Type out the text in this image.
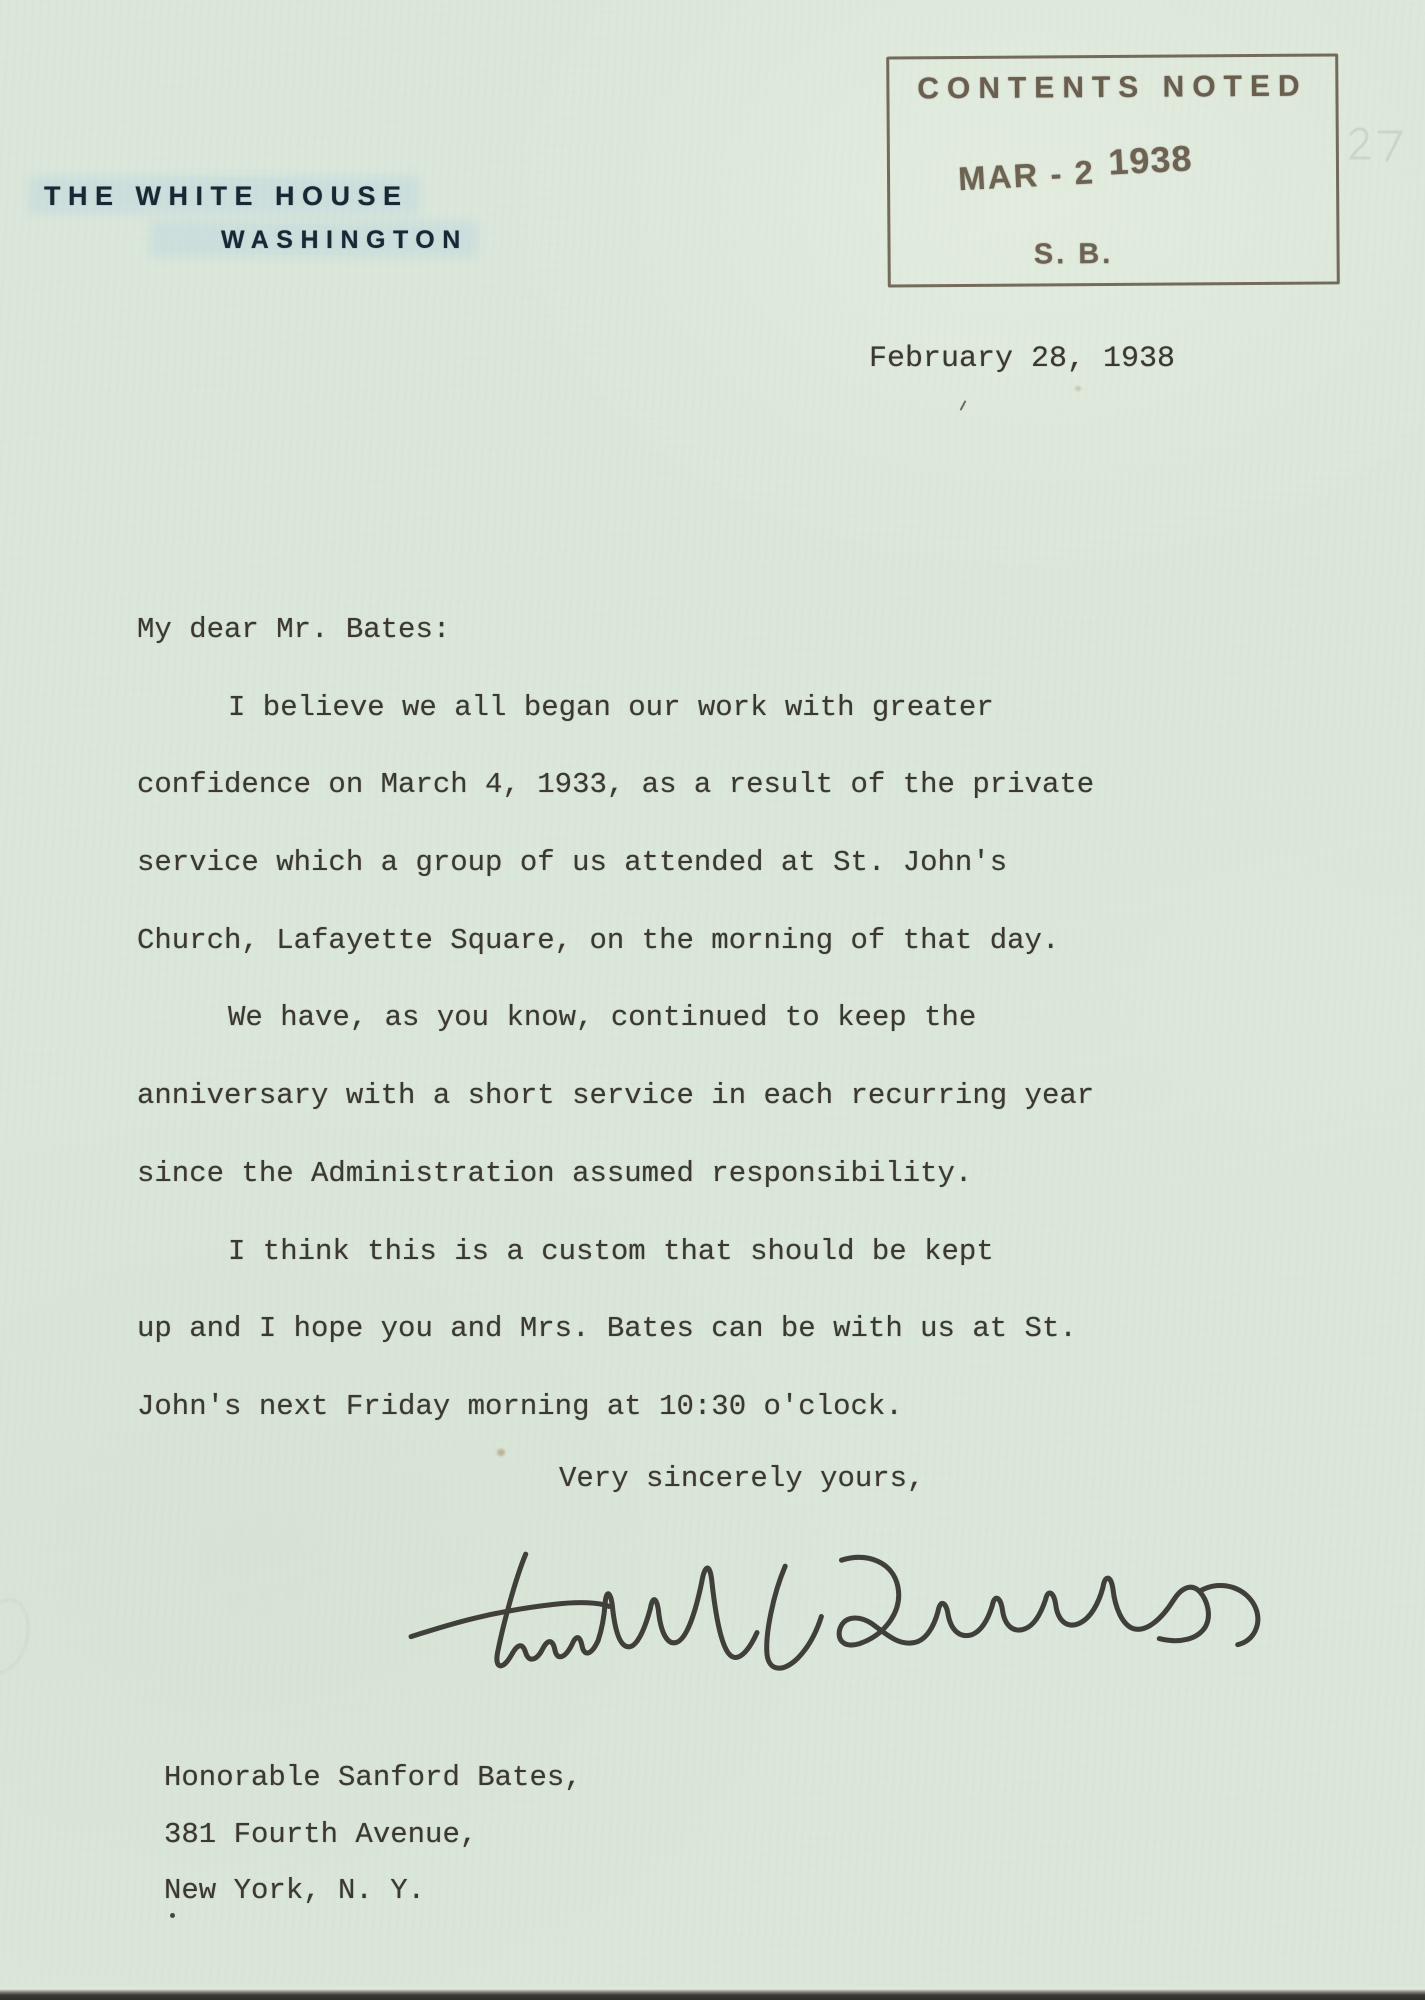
THE WHITE HOUSE
WASHINGTON
CONTENTS NOTED
MAR - 2 1938
S. B.
February 28, 1938
My dear Mr. Bates:
I believe we all began our work with greater
confidence on March 4, 1933, as a result of the private
service which a group of us attended at St. John's
Church, Lafayette Square, on the morning of that day.
We have, as you know, continued to keep the
anniversary with a short service in each recurring year
since the Administration assumed responsibility.
I think this is a custom that should be kept
up and I hope you and Mrs. Bates can be with us at St.
John's next Friday morning at 10:30 o'clock.
Very sincerely yours,
Honorable Sanford Bates,
381 Fourth Avenue,
New York, N. Y.
